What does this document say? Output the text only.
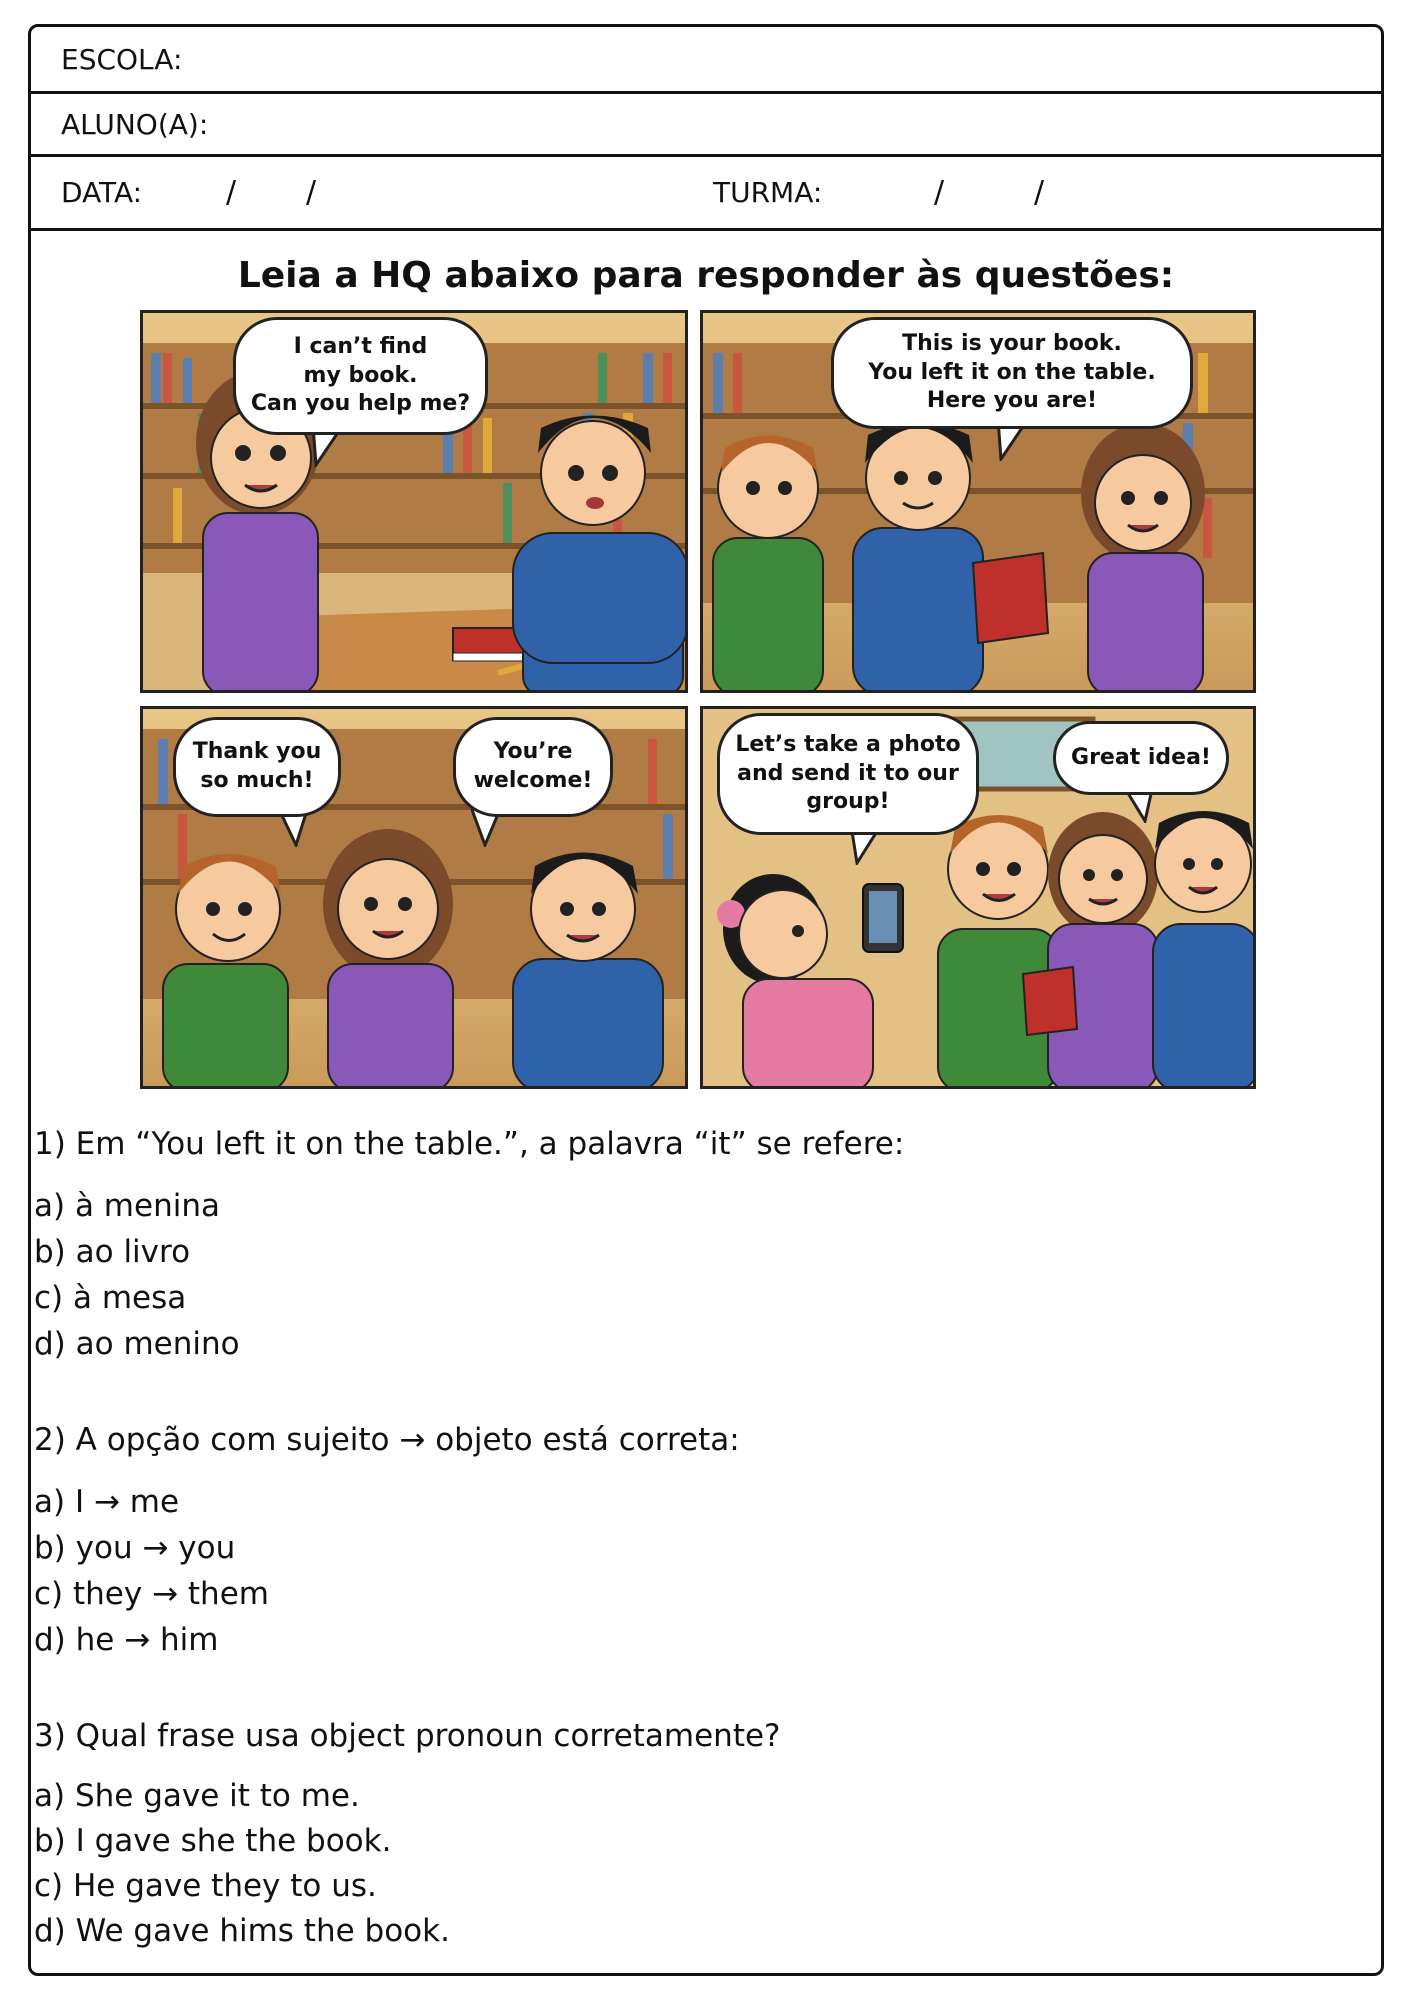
ESCOLA:
ALUNO(A):
DATA:	/ /	TURMA:	/	/
Leia a HQ abaixo para responder às questões:
I can’t find
my book.
Can you help me?
This is your book.
You left it on the table.
Here you are!
Thank you
so much!
You’re
welcome!
Let’s take a photo
and send it to our
group!
Great idea!
1) Em “You left it on the table.”, a palavra “it” se refere:
a) à menina
b) ao livro
c) à mesa
d) ao menino
2) A opção com sujeito → objeto está correta:
a) I → me
b) you → you
c) they → them
d) he → him
3) Qual frase usa object pronoun corretamente?
a) She gave it to me.
b) I gave she the book.
c) He gave they to us.
d) We gave hims the book.
